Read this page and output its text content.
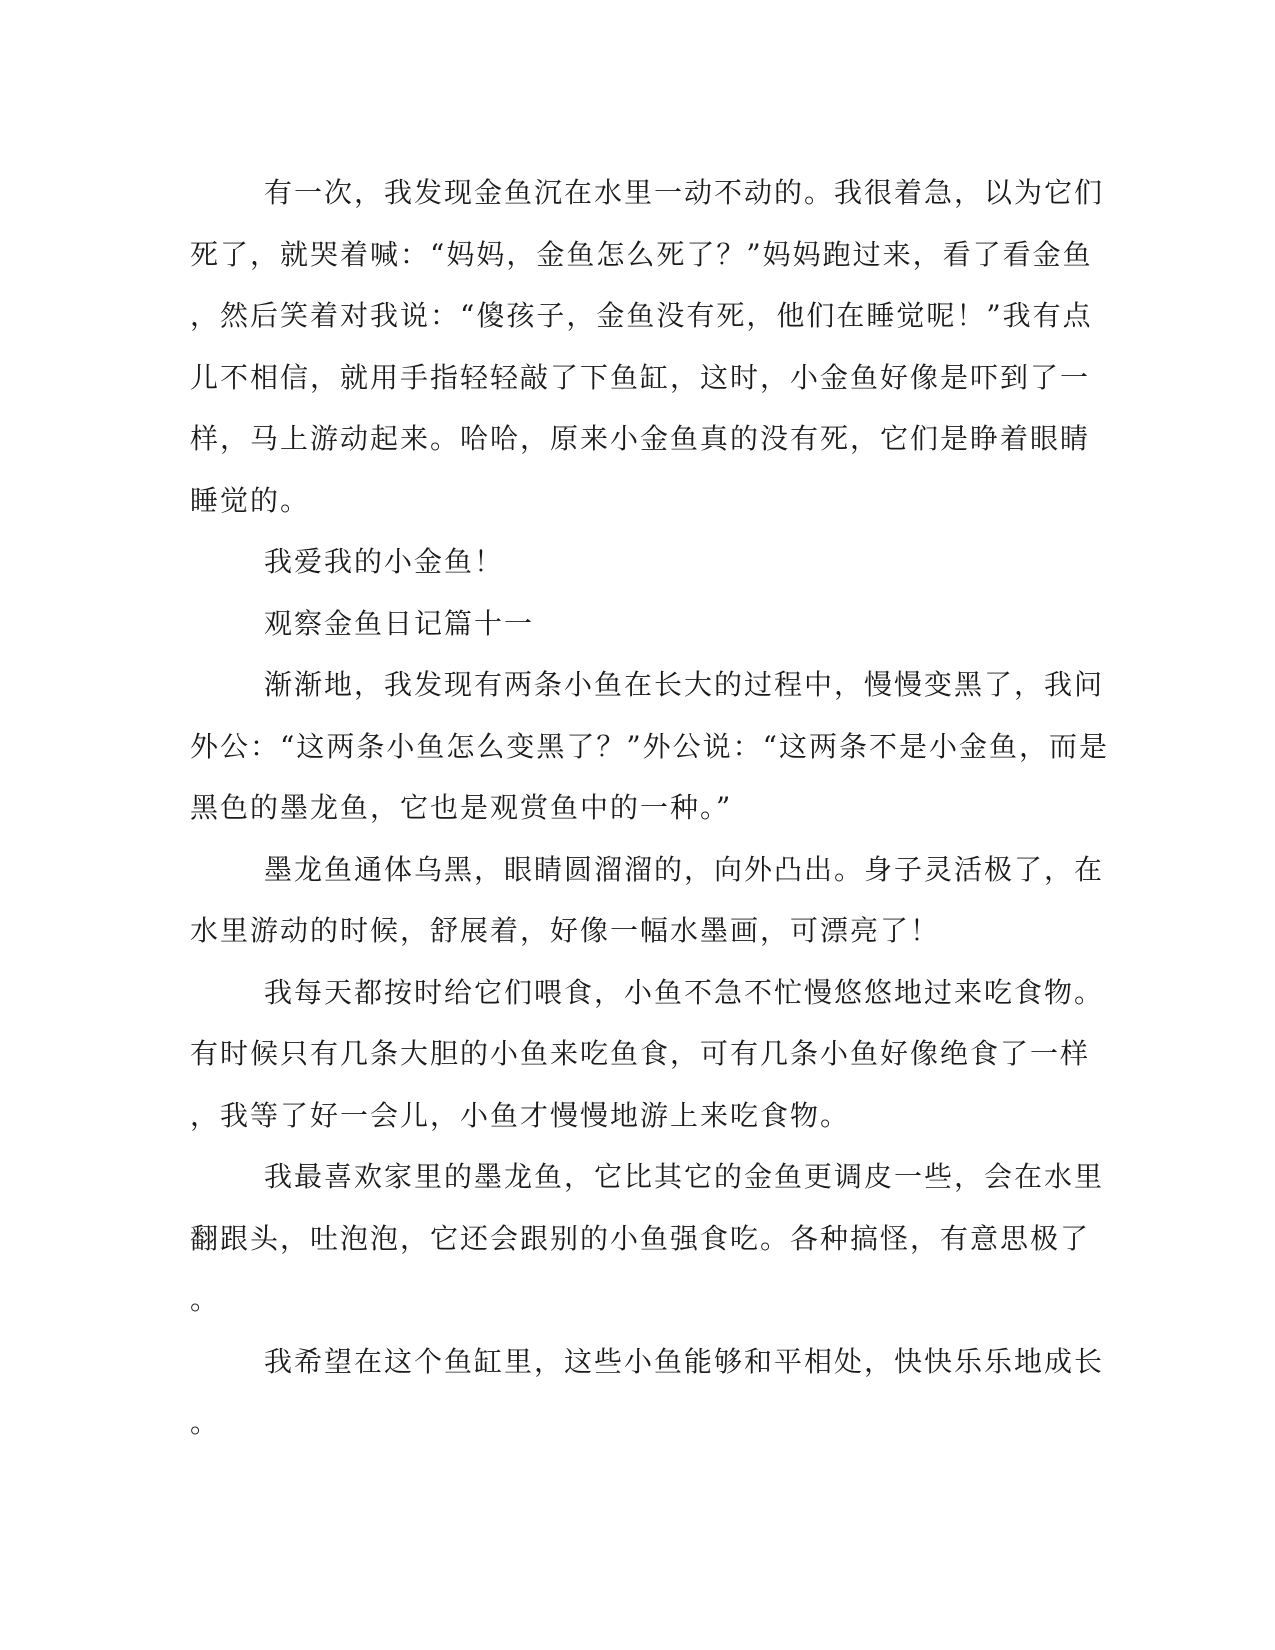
有一次，我发现金鱼沉在水里一动不动的。我很着急，以为它们
死了，就哭着喊：“妈妈，金鱼怎么死了？”妈妈跑过来，看了看金鱼
，然后笑着对我说：“傻孩子，金鱼没有死，他们在睡觉呢！”我有点
儿不相信，就用手指轻轻敲了下鱼缸，这时，小金鱼好像是吓到了一
样，马上游动起来。哈哈，原来小金鱼真的没有死，它们是睁着眼睛
睡觉的。
我爱我的小金鱼！
观察金鱼日记篇十一
渐渐地，我发现有两条小鱼在长大的过程中，慢慢变黑了，我问
外公：“这两条小鱼怎么变黑了？”外公说：“这两条不是小金鱼，而是
黑色的墨龙鱼，它也是观赏鱼中的一种。”
墨龙鱼通体乌黑，眼睛圆溜溜的，向外凸出。身子灵活极了，在
水里游动的时候，舒展着，好像一幅水墨画，可漂亮了！
我每天都按时给它们喂食，小鱼不急不忙慢悠悠地过来吃食物。
有时候只有几条大胆的小鱼来吃鱼食，可有几条小鱼好像绝食了一样
，我等了好一会儿，小鱼才慢慢地游上来吃食物。
我最喜欢家里的墨龙鱼，它比其它的金鱼更调皮一些，会在水里
翻跟头，吐泡泡，它还会跟别的小鱼强食吃。各种搞怪，有意思极了
。
我希望在这个鱼缸里，这些小鱼能够和平相处，快快乐乐地成长
。
